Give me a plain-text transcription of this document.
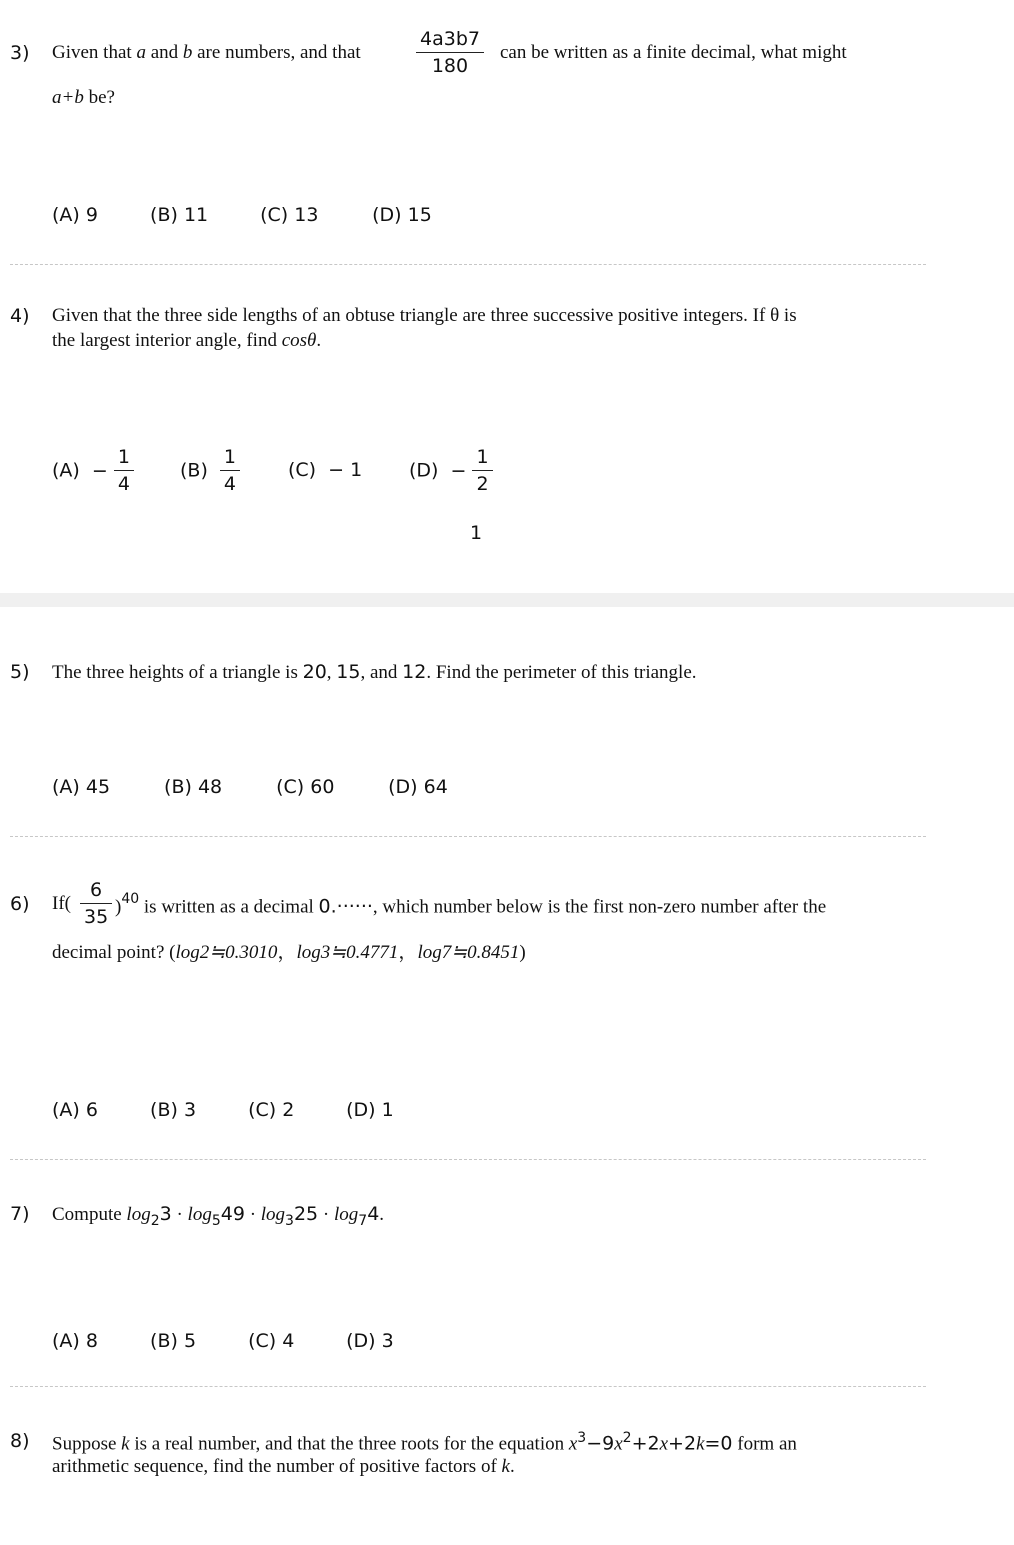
3) Given that a and b are numbers, and that	$\frac{4a3b7}{180}$ can be written as a finite decimal, what might
a+b be?
(A) 9	(B) 11	(C) 13	(D) 15
4) Given that the three side lengths of an obtuse triangle are three successive positive integers. If θ is
the largest interior angle, find cosθ.
$(A) - \frac{1}{4} (B) \frac{1}{4}$	(C) − 1 $(D) - \frac{1}{2}$
1
5) The three heights of a triangle is 20, 15, and 12. Find the perimeter of this triangle.
(A) 45	(B) 48	(C) 60	(D) 64
6) $If( \frac{6}{35} )^{40}$ is written as a decimal 0.······, which number below is the first non-zero number after the
decimal point? (log2≒0.3010，log3≒0.4771，log7≒0.8451)
(A) 6	(B) 3	(C) 2	(D) 1
7) Compute $\log_23 \cdot \log_549 \cdot \log_325 \cdot \log_74$.
(A) 8	(B) 5	(C) 4	(D) 3
8) Suppose k is a real number, and that the three roots for the equation $x^3-9x^2+2x+2k=0$ form an
arithmetic sequence, find the number of positive factors of k.
